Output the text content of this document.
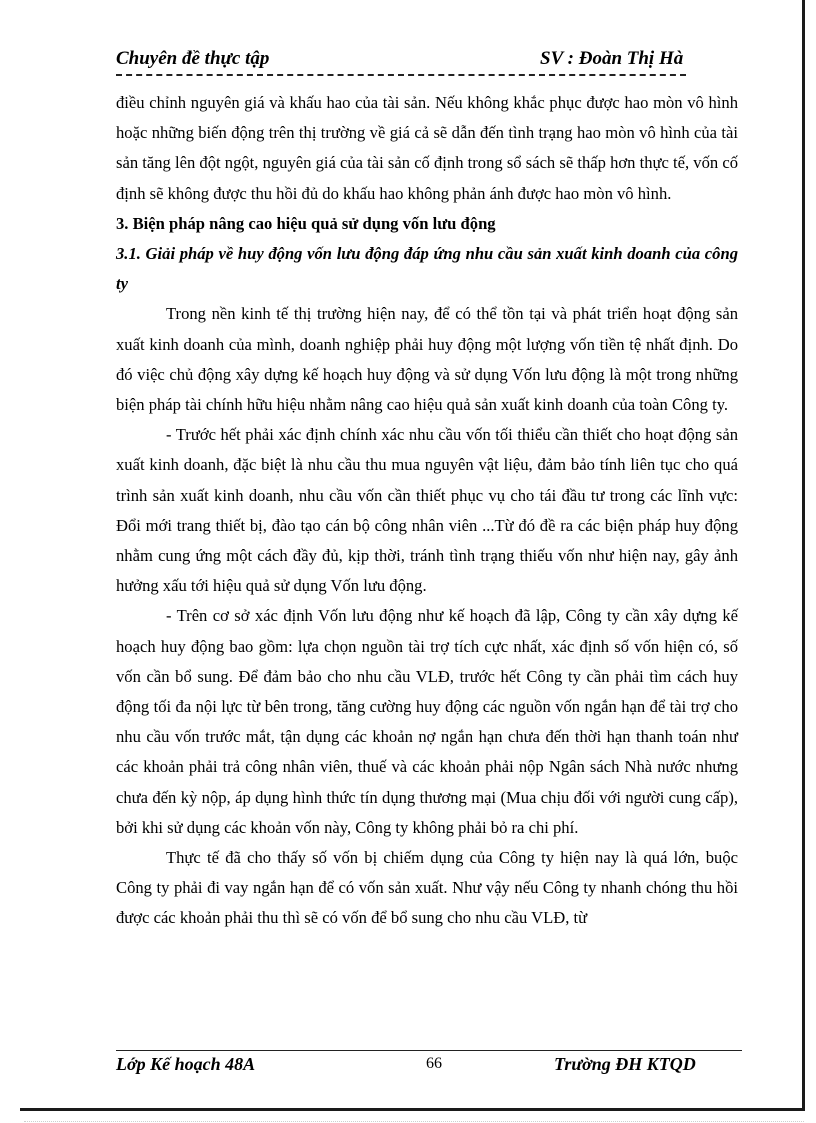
Chuyên đề thực tập	SV : Đoàn Thị Hà

điều chỉnh nguyên giá và khấu hao của tài sản. Nếu không khắc phục được hao mòn vô hình hoặc những biến động trên thị trường về giá cả sẽ dẫn đến tình trạng hao mòn vô hình của tài sản tăng lên đột ngột, nguyên giá của tài sản cố định trong sổ sách sẽ thấp hơn thực tế, vốn cố định sẽ không được thu hồi đủ do khấu hao không phản ánh được hao mòn vô hình.

3. Biện pháp nâng cao hiệu quả sử dụng vốn lưu động

3.1. Giải pháp về huy động vốn lưu động đáp ứng nhu cầu sản xuất kinh doanh của công ty

Trong nền kinh tế thị trường hiện nay, để có thể tồn tại và phát triển hoạt động sản xuất kinh doanh của mình, doanh nghiệp phải huy động một lượng vốn tiền tệ nhất định. Do đó việc chủ động xây dựng kế hoạch huy động và sử dụng Vốn lưu động là một trong những biện pháp tài chính hữu hiệu nhằm nâng cao hiệu quả sản xuất kinh doanh của toàn Công ty.

- Trước hết phải xác định chính xác nhu cầu vốn tối thiểu cần thiết cho hoạt động sản xuất kinh doanh, đặc biệt là nhu cầu thu mua nguyên vật liệu, đảm bảo tính liên tục cho quá trình sản xuất kinh doanh, nhu cầu vốn cần thiết phục vụ cho tái đầu tư trong các lĩnh vực: Đổi mới trang thiết bị, đào tạo cán bộ công nhân viên ...Từ đó đề ra các biện pháp huy động nhằm cung ứng một cách đầy đủ, kịp thời, tránh tình trạng thiếu vốn như hiện nay, gây ảnh hưởng xấu tới hiệu quả sử dụng Vốn lưu động.

- Trên cơ sở xác định Vốn lưu động như kế hoạch đã lập, Công ty cần xây dựng kế hoạch huy động bao gồm: lựa chọn nguồn tài trợ tích cực nhất, xác định số vốn hiện có, số vốn cần bổ sung. Để đảm bảo cho nhu cầu VLĐ, trước hết Công ty cần phải tìm cách huy động tối đa nội lực từ bên trong, tăng cường huy động các nguồn vốn ngắn hạn để tài trợ cho nhu cầu vốn trước mắt, tận dụng các khoản nợ ngắn hạn chưa đến thời hạn thanh toán như các khoản phải trả công nhân viên, thuế và các khoản phải nộp Ngân sách Nhà nước nhưng chưa đến kỳ nộp, áp dụng hình thức tín dụng thương mại (Mua chịu đối với người cung cấp), bởi khi sử dụng các khoản vốn này, Công ty không phải bỏ ra chi phí.

Thực tế đã cho thấy số vốn bị chiếm dụng của Công ty hiện nay là quá lớn, buộc Công ty phải đi vay ngắn hạn để có vốn sản xuất. Như vậy nếu Công ty nhanh chóng thu hồi được các khoản phải thu thì sẽ có vốn để bổ sung cho nhu cầu VLĐ, từ

Lớp Kế hoạch 48A	66	Trường ĐH KTQD
